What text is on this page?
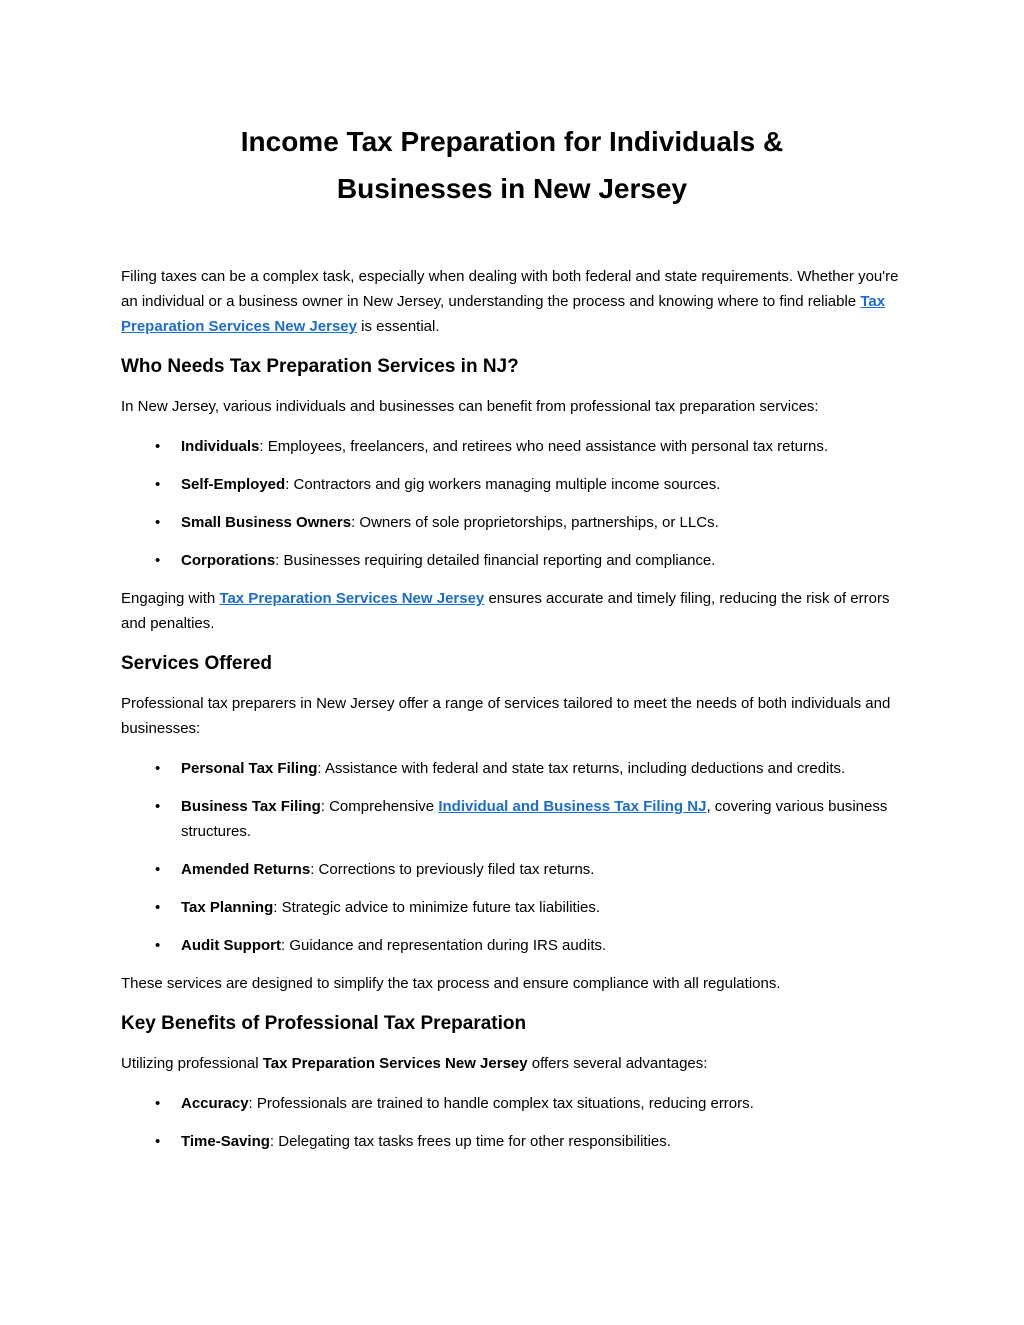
Income Tax Preparation for Individuals &
Businesses in New Jersey

Filing taxes can be a complex task, especially when dealing with both federal and state requirements. Whether you're an individual or a business owner in New Jersey, understanding the process and knowing where to find reliable Tax Preparation Services New Jersey is essential.

Who Needs Tax Preparation Services in NJ?

In New Jersey, various individuals and businesses can benefit from professional tax preparation services:

• Individuals: Employees, freelancers, and retirees who need assistance with personal tax returns.
• Self-Employed: Contractors and gig workers managing multiple income sources.
• Small Business Owners: Owners of sole proprietorships, partnerships, or LLCs.
• Corporations: Businesses requiring detailed financial reporting and compliance.

Engaging with Tax Preparation Services New Jersey ensures accurate and timely filing, reducing the risk of errors and penalties.

Services Offered

Professional tax preparers in New Jersey offer a range of services tailored to meet the needs of both individuals and businesses:

• Personal Tax Filing: Assistance with federal and state tax returns, including deductions and credits.
• Business Tax Filing: Comprehensive Individual and Business Tax Filing NJ, covering various business structures.
• Amended Returns: Corrections to previously filed tax returns.
• Tax Planning: Strategic advice to minimize future tax liabilities.
• Audit Support: Guidance and representation during IRS audits.

These services are designed to simplify the tax process and ensure compliance with all regulations.

Key Benefits of Professional Tax Preparation

Utilizing professional Tax Preparation Services New Jersey offers several advantages:

• Accuracy: Professionals are trained to handle complex tax situations, reducing errors.
• Time-Saving: Delegating tax tasks frees up time for other responsibilities.
